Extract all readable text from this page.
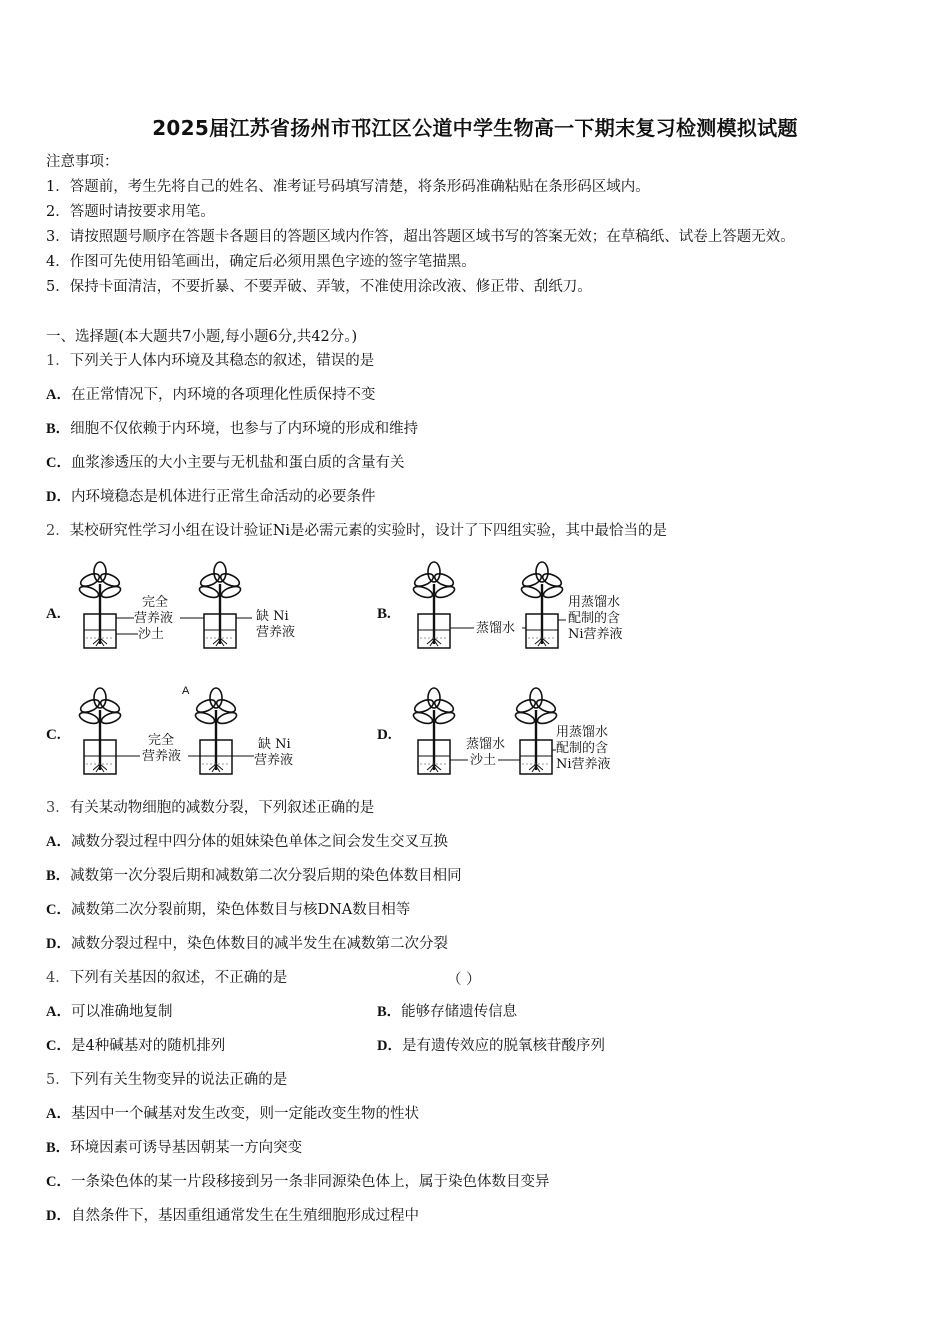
2025届江苏省扬州市邗江区公道中学生物高一下期末复习检测模拟试题
注意事项：
1．答题前，考生先将自己的姓名、准考证号码填写清楚，将条形码准确粘贴在条形码区域内。
2．答题时请按要求用笔。
3．请按照题号顺序在答题卡各题目的答题区域内作答，超出答题区域书写的答案无效；在草稿纸、试卷上答题无效。
4．作图可先使用铅笔画出，确定后必须用黑色字迹的签字笔描黑。
5．保持卡面清洁，不要折暴、不要弄破、弄皱，不准使用涂改液、修正带、刮纸刀。
一、选择题(本大题共7小题,每小题6分,共42分。)
1．下列关于人体内环境及其稳态的叙述，错误的是
A．在正常情况下，内环境的各项理化性质保持不变
B．细胞不仅依赖于内环境，也参与了内环境的形成和维持
C．血浆渗透压的大小主要与无机盐和蛋白质的含量有关
D．内环境稳态是机体进行正常生命活动的必要条件
2．某校研究性学习小组在设计验证Ni是必需元素的实验时，设计了下四组实验，其中最恰当的是
A.
完全
营养液
沙土
缺 Ni
营养液
B.
蒸馏水
用蒸馏水
配制的含
Ni营养液
C.
A
完全
营养液
缺 Ni
营养液
D.
蒸馏水
沙土
用蒸馏水
配制的含
Ni营养液
3．有关某动物细胞的减数分裂，下列叙述正确的是
A．减数分裂过程中四分体的姐妹染色单体之间会发生交叉互换
B．减数第一次分裂后期和减数第二次分裂后期的染色体数目相同
C．减数第二次分裂前期，染色体数目与核DNA数目相等
D．减数分裂过程中，染色体数目的减半发生在减数第二次分裂
4．下列有关基因的叙述，不正确的是	（ ）
A．可以准确地复制	B．能够存储遗传信息
C．是4种碱基对的随机排列	D．是有遗传效应的脱氧核苷酸序列
5．下列有关生物变异的说法正确的是
A．基因中一个碱基对发生改变，则一定能改变生物的性状
B．环境因素可诱导基因朝某一方向突变
C．一条染色体的某一片段移接到另一条非同源染色体上，属于染色体数目变异
D．自然条件下，基因重组通常发生在生殖细胞形成过程中
